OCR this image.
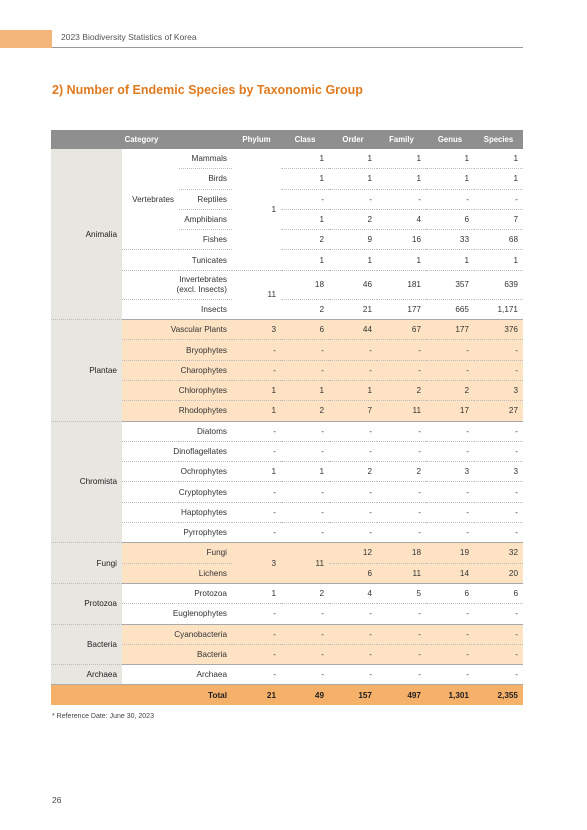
2023 Biodiversity Statistics of Korea
2) Number of Endemic Species by Taxonomic Group
Category			Phylum	Class	Order	Family	Genus	Species
Animalia	Vertebrates	Mammals	1	1	1	1	1	1
		Birds		1	1	1	1	1
		Reptiles		-	-	-	-	-
		Amphibians		1	2	4	6	7
		Fishes		2	9	16	33	68
	Tunicates			1	1	1	1	1
	Invertebrates
(excl. Insects)		11	18	46	181	357	639
	Insects			2	21	177	665	1,171
Plantae	Vascular Plants		3	6	44	67	177	376
	Bryophytes		-	-	-	-	-	-
	Charophytes		-	-	-	-	-	-
	Chlorophytes		1	1	1	2	2	3
	Rhodophytes		1	2	7	11	17	27
Chromista	Diatoms		-	-	-	-	-	-
	Dinoflagellates		-	-	-	-	-	-
	Ochrophytes		1	1	2	2	3	3
	Cryptophytes		-	-	-	-	-	-
	Haptophytes		-	-	-	-	-	-
	Pyrrophytes		-	-	-	-	-	-
Fungi	Fungi		3	11	12	18	19	32
	Lichens				6	11	14	20
Protozoa	Protozoa		1	2	4	5	6	6
	Euglenophytes		-	-	-	-	-	-
Bacteria	Cyanobacteria		-	-	-	-	-	-
	Bacteria		-	-	-	-	-	-
Archaea	Archaea		-	-	-	-	-	-
Total			21	49	157	497	1,301	2,355
* Reference Date: June 30, 2023
26
